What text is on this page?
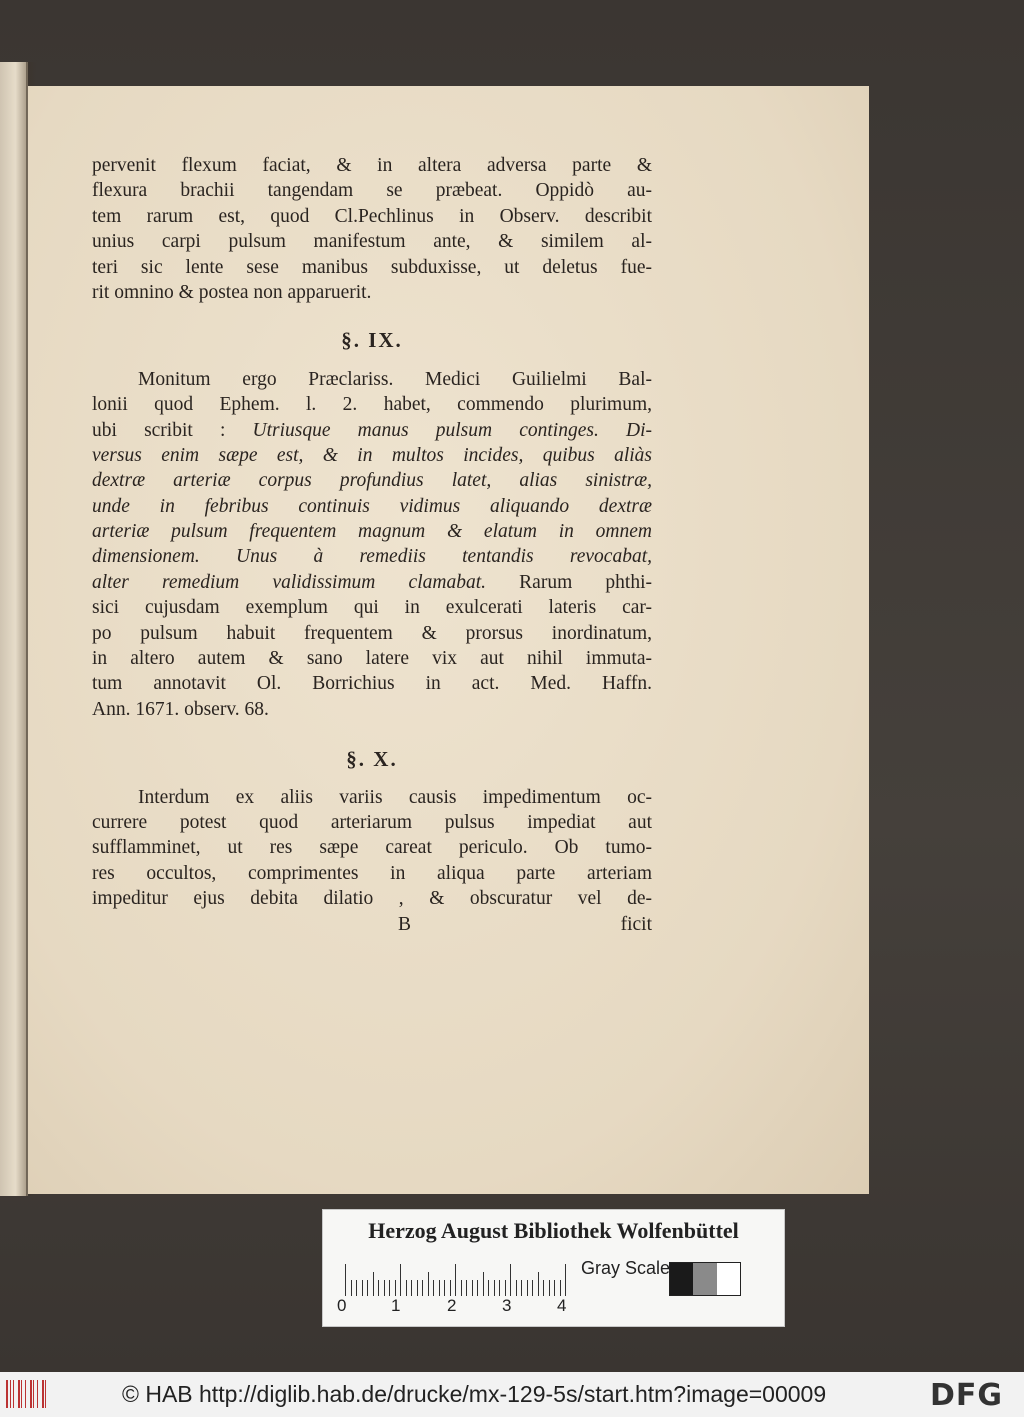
pervenit flexum faciat, & in altera adversa parte &
flexura brachii tangendam se præbeat. Oppidò au-
tem rarum est, quod Cl.Pechlinus in Observ. describit
unius carpi pulsum manifestum ante, & similem al-
teri sic lente sese manibus subduxisse, ut deletus fue-
rit omnino & postea non apparuerit.
§. IX.
Monitum ergo Præclariss. Medici Guilielmi Bal-
lonii quod Ephem. l. 2. habet, commendo plurimum,
ubi scribit : Utriusque manus pulsum continges. Di-
versus enim sæpe est, & in multos incides, quibus aliàs
dextræ arteriæ corpus profundius latet, alias sinistræ,
unde in febribus continuis vidimus aliquando dextræ
arteriæ pulsum frequentem magnum & elatum in omnem
dimensionem. Unus à remediis tentandis revocabat,
alter remedium validissimum clamabat. Rarum phthi-
sici cujusdam exemplum qui in exulcerati lateris car-
po pulsum habuit frequentem & prorsus inordinatum,
in altero autem & sano latere vix aut nihil immuta-
tum annotavit Ol. Borrichius in act. Med. Haffn.
Ann. 1671. observ. 68.
§. X.
Interdum ex aliis variis causis impedimentum oc-
currere potest quod arteriarum pulsus impediat aut
sufflamminet, ut res sæpe careat periculo. Ob tumo-
res occultos, comprimentes in aliqua parte arteriam
impeditur ejus debita dilatio , & obscuratur vel de-
B	ficit
Herzog August Bibliothek Wolfenbüttel
0	1	2	3	4
Gray Scale
© HAB http://diglib.hab.de/drucke/mx-129-5s/start.htm?image=00009	DFG
